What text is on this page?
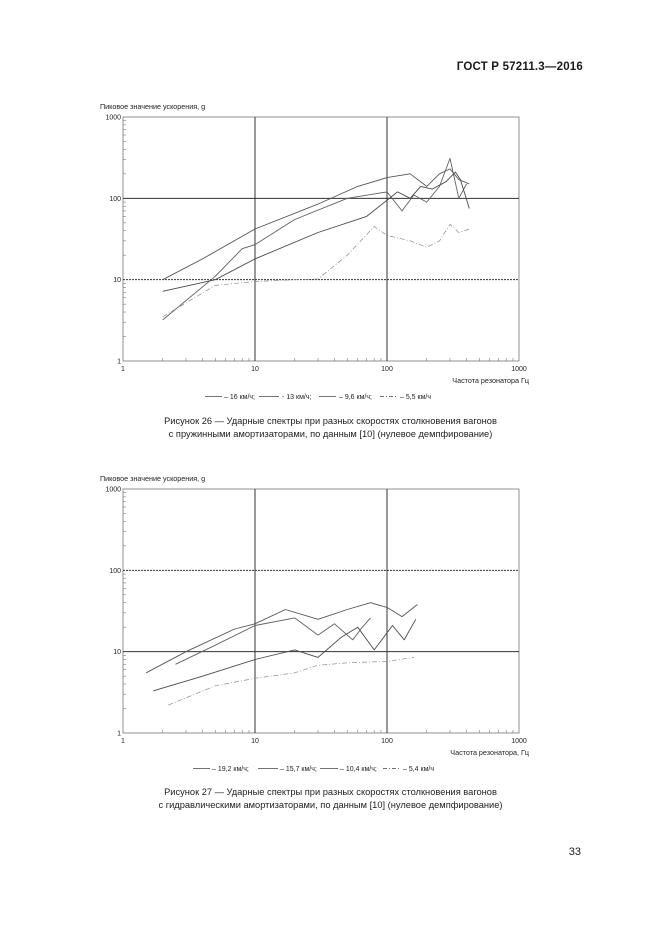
ГОСТ Р 57211.3—2016
Пиковое значение ускорения, g
1	10	100	1000
1
10
100
1000
Частота резонатора Гц
– 16 км/ч;	- 13 км/ч;	– 9,6 км/ч;	– 5,5 км/ч
Рисунок 26 — Ударные спектры при разных скоростях столкновения вагонов
с пружинными амортизаторами, по данным [10] (нулевое демпфирование)
Пиковое значение ускорения, g
1	10	100	1000
1
10
100
1000
Частота резонатора, Гц
– 19,2 км/ч;	– 15,7 км/ч;	– 10,4 км/ч;	– 5,4 км/ч
Рисунок 27 — Ударные спектры при разных скоростях столкновения вагонов
с гидравлическими амортизаторами, по данным [10] (нулевое демпфирование)
33
